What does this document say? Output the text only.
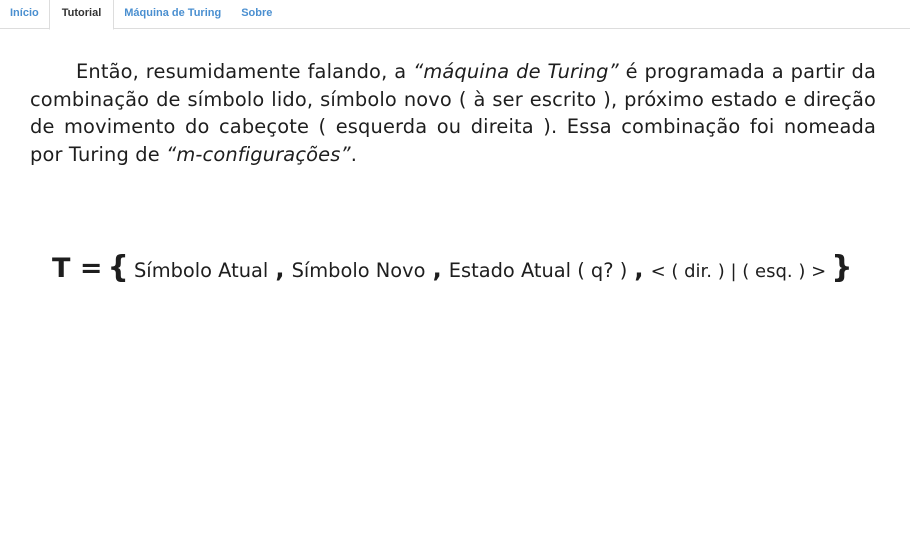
Início	Tutorial	Máquina de Turing	Sobre

Então, resumidamente falando, a “máquina de Turing” é programada a partir da combinação de símbolo lido, símbolo novo ( à ser escrito ), próximo estado e direção de movimento do cabeçote ( esquerda ou direita ). Essa combinação foi nomeada por Turing de “m-configurações”.

T = { Símbolo Atual , Símbolo Novo , Estado Atual ( q? ) , < ( dir. ) | ( esq. ) > }
